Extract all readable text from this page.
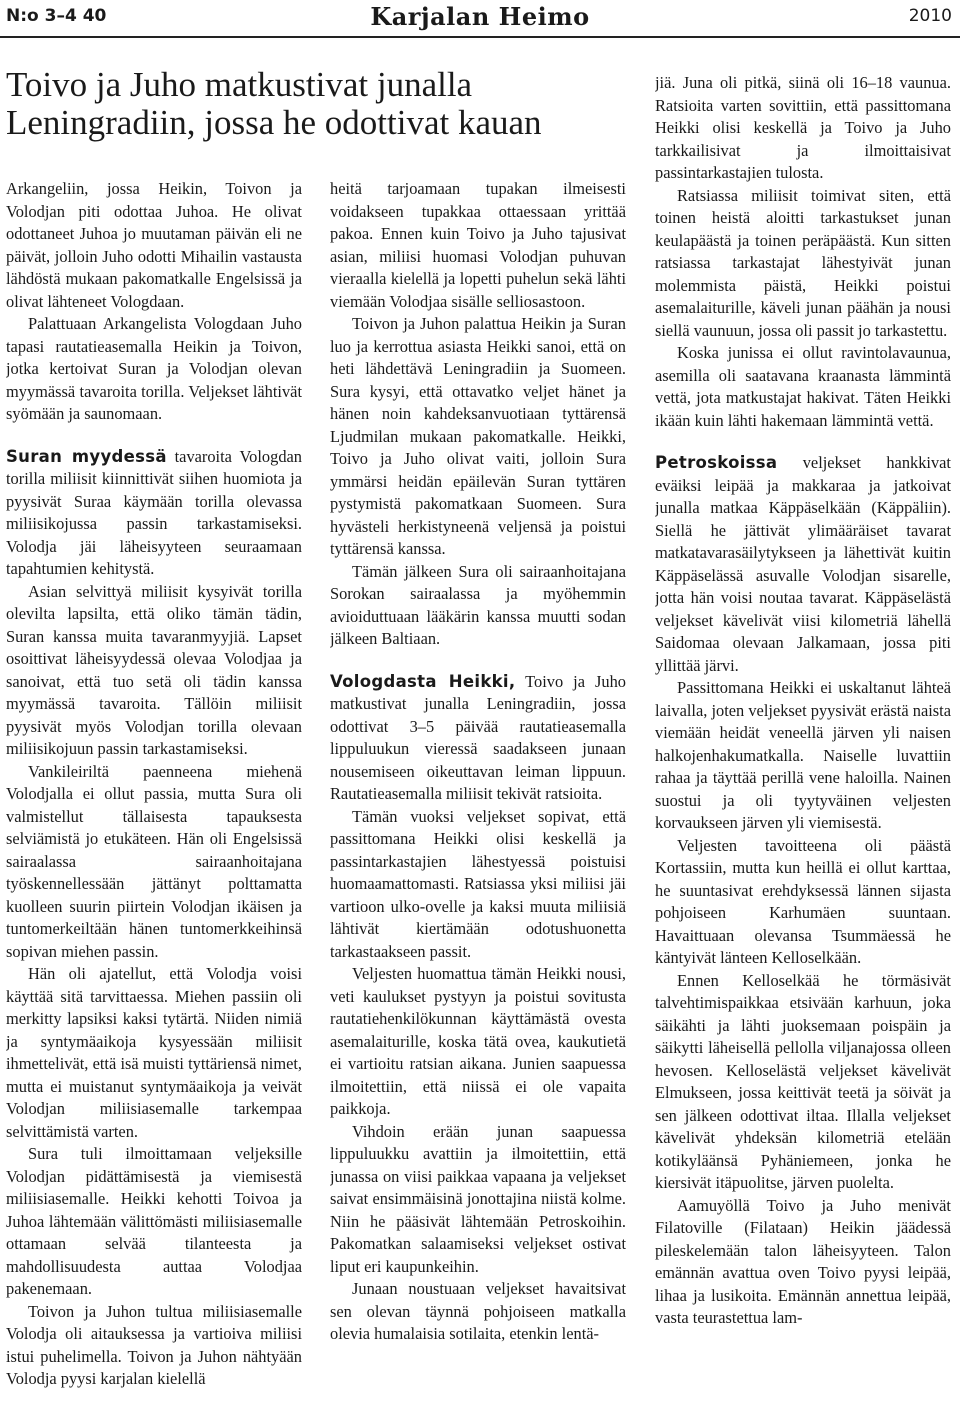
N:o 3–4 40	Karjalan Heimo	2010
Toivo ja Juho matkustivat junalla Leningradiin, jossa he odottivat kauan

Arkangeliin, jossa Heikin, Toivon ja Volodjan piti odottaa Juhoa. He olivat odottaneet Juhoa jo muutaman päivän eli ne päivät, jolloin Juho odotti Mihailin vastausta lähdöstä mukaan pakomatkalle Engelsissä ja olivat lähteneet Vologdaan.

Palattuaan Arkangelista Vologdaan Juho tapasi rautatieasemalla Heikin ja Toivon, jotka kertoivat Suran ja Volodjan olevan myymässä tavaroita torilla. Veljekset lähtivät syömään ja saunomaan.

Suran myydessä tavaroita Vologdan torilla miliisit kiinnittivät siihen huomiota ja pyysivät Suraa käymään torilla olevassa miliisikojussa passin tarkastamiseksi. Volodja jäi läheisyyteen seuraamaan tapahtumien kehitystä.

Asian selvittyä miliisit kysyivät torilla olevilta lapsilta, että oliko tämän tädin, Suran kanssa muita tavaranmyyjiä. Lapset osoittivat läheisyydessä olevaa Volodjaa ja sanoivat, että tuo setä oli tädin kanssa myymässä tavaroita. Tällöin miliisit pyysivät myös Volodjan torilla olevaan miliisikojuun passin tarkastamiseksi.

Vankileiriltä paenneena miehenä Volodjalla ei ollut passia, mutta Sura oli valmistellut tällaisesta tapauksesta selviämistä jo etukäteen. Hän oli Engelsissä sairaalassa sairaanhoitajana työskennellessään jättänyt polttamatta kuolleen suurin piirtein Volodjan ikäisen ja tuntomerkeiltään hänen tuntomerkkeihinsä sopivan miehen passin.

Hän oli ajatellut, että Volodja voisi käyttää sitä tarvittaessa. Miehen passiin oli merkitty lapsiksi kaksi tytärtä. Niiden nimiä ja syntymäaikoja kysyessään miliisit ihmettelivät, että isä muisti tyttäriensä nimet, mutta ei muistanut syntymäaikoja ja veivät Volodjan miliisiasemalle tarkempaa selvittämistä varten.

Sura tuli ilmoittamaan veljeksille Volodjan pidättämisestä ja viemisestä miliisiasemalle. Heikki kehotti Toivoa ja Juhoa lähtemään välittömästi miliisiasemalle ottamaan selvää tilanteesta ja mahdollisuudesta auttaa Volodjaa pakenemaan.

Toivon ja Juhon tultua miliisiasemalle Volodja oli aitauksessa ja vartioiva miliisi istui puhelimella. Toivon ja Juhon nähtyään Volodja pyysi karjalan kielellä

heitä tarjoamaan tupakan ilmeisesti voidakseen tupakkaa ottaessaan yrittää pakoa. Ennen kuin Toivo ja Juho tajusivat asian, miliisi huomasi Volodjan puhuvan vieraalla kielellä ja lopetti puhelun sekä lähti viemään Volodjaa sisälle selliosastoon.

Toivon ja Juhon palattua Heikin ja Suran luo ja kerrottua asiasta Heikki sanoi, että on heti lähdettävä Leningradiin ja Suomeen. Sura kysyi, että ottavatko veljet hänet ja hänen noin kahdeksanvuotiaan tyttärensä Ljudmilan mukaan pakomatkalle. Heikki, Toivo ja Juho olivat vaiti, jolloin Sura ymmärsi heidän epäilevän Suran tyttären pystymistä pakomatkaan Suomeen. Sura hyvästeli herkistyneenä veljensä ja poistui tyttärensä kanssa.

Tämän jälkeen Sura oli sairaanhoitajana Sorokan sairaalassa ja myöhemmin avioiduttuaan lääkärin kanssa muutti sodan jälkeen Baltiaan.

Vologdasta Heikki, Toivo ja Juho matkustivat junalla Leningradiin, jossa odottivat 3–5 päivää rautatieasemalla lippuluukun vieressä saadakseen junaan nousemiseen oikeuttavan leiman lippuun. Rautatieasemalla miliisit tekivät ratsioita.

Tämän vuoksi veljekset sopivat, että passittomana Heikki olisi keskellä ja passintarkastajien lähestyessä poistuisi huomaamattomasti. Ratsiassa yksi miliisi jäi vartioon ulko-ovelle ja kaksi muuta miliisiä lähtivät kiertämään odotushuonetta tarkastaakseen passit.

Veljesten huomattua tämän Heikki nousi, veti kaulukset pystyyn ja poistui sovitusta rautatiehenkilökunnan käyttämästä ovesta asemalaiturille, koska tätä ovea, kaukutietä ei vartioitu ratsian aikana. Junien saapuessa ilmoitettiin, että niissä ei ole vapaita paikkoja.

Vihdoin erään junan saapuessa lippuluukku avattiin ja ilmoitettiin, että junassa on viisi paikkaa vapaana ja veljekset saivat ensimmäisinä jonottajina niistä kolme. Niin he pääsivät lähtemään Petroskoihin. Pakomatkan salaamiseksi veljekset ostivat liput eri kaupunkeihin.

Junaan noustuaan veljekset havaitsivat sen olevan täynnä pohjoiseen matkalla olevia humalaisia sotilaita, etenkin lentä-

jiä. Juna oli pitkä, siinä oli 16–18 vaunua. Ratsioita varten sovittiin, että passittomana Heikki olisi keskellä ja Toivo ja Juho tarkkailisivat ja ilmoittaisivat passintarkastajien tulosta.

Ratsiassa miliisit toimivat siten, että toinen heistä aloitti tarkastukset junan keulapäästä ja toinen peräpäästä. Kun sitten ratsiassa tarkastajat lähestyivät junan molemmista päistä, Heikki poistui asemalaiturille, käveli junan päähän ja nousi siellä vaunuun, jossa oli passit jo tarkastettu.

Koska junissa ei ollut ravintolavaunua, asemilla oli saatavana kraanasta lämmintä vettä, jota matkustajat hakivat. Täten Heikki ikään kuin lähti hakemaan lämmintä vettä.

Petroskoissa veljekset hankkivat eväiksi leipää ja makkaraa ja jatkoivat junalla matkaa Käppäselkään (Käppäliin). Siellä he jättivät ylimääräiset tavarat matkatavarasäilytykseen ja lähettivät kuitin Käppäselässä asuvalle Volodjan sisarelle, jotta hän voisi noutaa tavarat. Käppäselästä veljekset kävelivät viisi kilometriä lähellä Saidomaa olevaan Jalkamaan, jossa piti yllittää järvi.

Passittomana Heikki ei uskaltanut lähteä laivalla, joten veljekset pyysivät erästä naista viemään heidät veneellä järven yli naisen halkojenhakumatkalla. Naiselle luvattiin rahaa ja täyttää perillä vene haloilla. Nainen suostui ja oli tyytyväinen veljesten korvaukseen järven yli viemisestä.

Veljesten tavoitteena oli päästä Kortassiin, mutta kun heillä ei ollut karttaa, he suuntasivat erehdyksessä lännen sijasta pohjoiseen Karhumäen suuntaan. Havaittuaan olevansa Tsummäessä he käntyivät länteen Kelloselkään.

Ennen Kelloselkää he törmäsivät talvehtimispaikkaa etsivään karhuun, joka säikähti ja lähti juoksemaan poispäin ja säikytti läheisellä pellolla viljanajossa olleen hevosen. Kelloselästä veljekset kävelivät Elmukseen, jossa keittivät teetä ja söivät ja sen jälkeen odottivat iltaa. Illalla veljekset kävelivät yhdeksän kilometriä etelään kotikyläänsä Pyhäniemeen, jonka he kiersivät itäpuolitse, järven puolelta.

Aamuyöllä Toivo ja Juho menivät Filatoville (Filataan) Heikin jäädessä pileskelemään talon läheisyyteen. Talon emännän avattua oven Toivo pyysi leipää, lihaa ja lusikoita. Emännän annettua leipää, vasta teurastettua lam-
